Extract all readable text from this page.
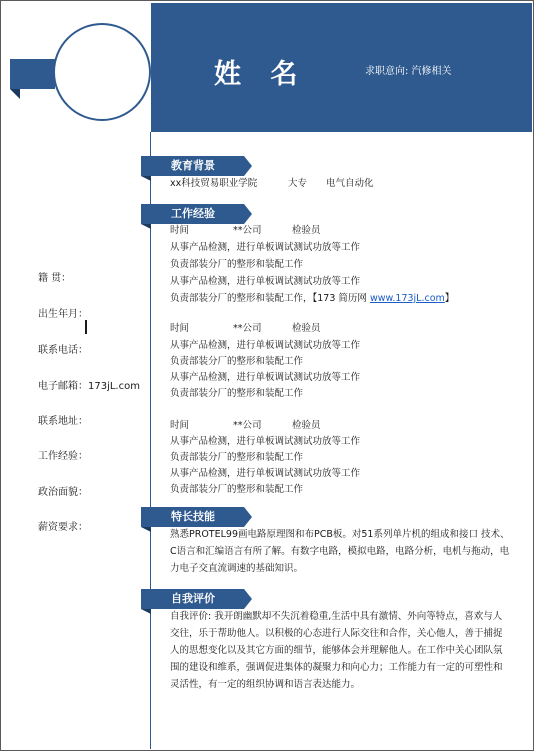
姓 名	求职意向: 汽修相关
籍 贯：
出生年月：
联系电话：
电子邮箱：173jL.com
联系地址：
工作经验：
政治面貌：
薪资要求：
教育背景
xx科技贸易职业学院	大专 电气自动化
工作经验
时间	**公司	检验员
从事产品检测，进行单板调试测试功放等工作
负责部装分厂的整形和装配工作
从事产品检测，进行单板调试测试功放等工作
负责部装分厂的整形和装配工作，【173 简历网 www.173jL.com】
时间	**公司	检验员
从事产品检测，进行单板调试测试功放等工作
负责部装分厂的整形和装配工作
从事产品检测，进行单板调试测试功放等工作
负责部装分厂的整形和装配工作
时间	**公司	检验员
从事产品检测，进行单板调试测试功放等工作
负责部装分厂的整形和装配工作
从事产品检测，进行单板调试测试功放等工作
负责部装分厂的整形和装配工作
特长技能
熟悉PROTEL99画电路原理图和布PCB板。对51系列单片机的组成和接口 技术、C语言和汇编语言有所了解。有数字电路，模拟电路，电路分析，电机与拖动，电力电子交直流调速的基础知识。
自我评价
自我评价: 我开朗幽默却不失沉着稳重,生活中具有激情、外向等特点，喜欢与人交往，乐于帮助他人。以积极的心态进行人际交往和合作，关心他人，善于捕捉人的思想变化以及其它方面的细节，能够体会并理解他人。在工作中关心团队氛围的建设和维系，强调促进集体的凝聚力和向心力；工作能力有一定的可塑性和灵活性，有一定的组织协调和语言表达能力。
